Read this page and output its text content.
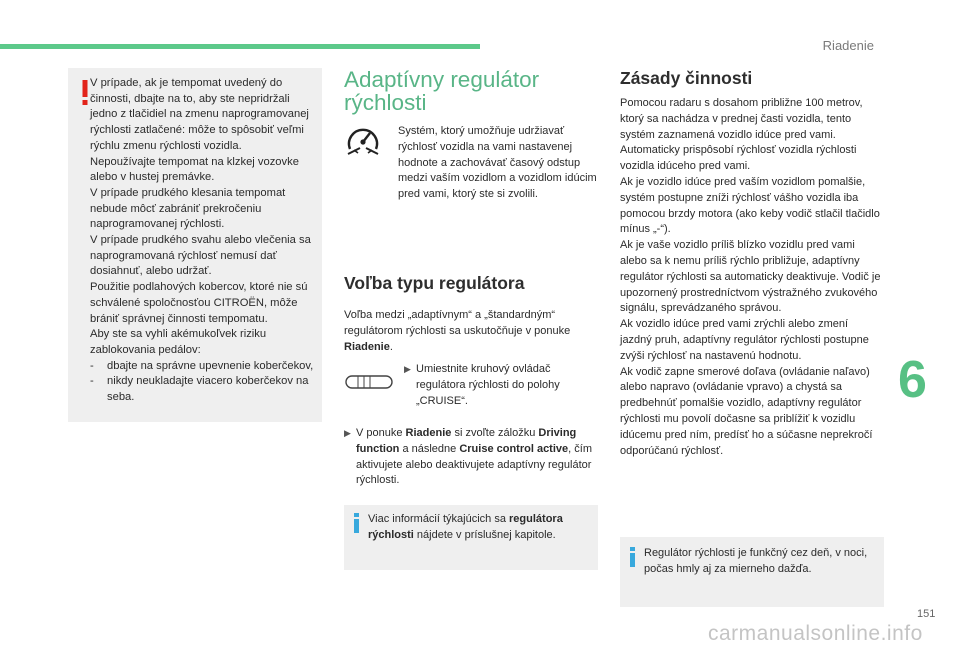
Riadenie
6
151
carmanualsonline.info

V prípade, ak je tempomat uvedený do činnosti, dbajte na to, aby ste nepridržali jedno z tlačidiel na zmenu naprogramovanej rýchlosti zatlačené: môže to spôsobiť veľmi rýchlu zmenu rýchlosti vozidla.

Nepoužívajte tempomat na klzkej vozovke alebo v hustej premávke.

V prípade prudkého klesania tempomat nebude môcť zabrániť prekročeniu naprogramovanej rýchlosti.

V prípade prudkého svahu alebo vlečenia sa naprogramovaná rýchlosť nemusí dať dosiahnuť, alebo udržať.

Použitie podlahových kobercov, ktoré nie sú schválené spoločnosťou CITROËN, môže brániť správnej činnosti tempomatu.

Aby ste sa vyhli akémukoľvek riziku zablokovania pedálov:

- dbajte na správne upevnenie koberčekov,

- nikdy neukladajte viacero koberčekov na seba.

Adaptívny regulátor
rýchlosti
Systém, ktorý umožňuje udržiavať rýchlosť vozidla na vami nastavenej hodnote a zachovávať časový odstup medzi vaším vozidlom a vozidlom idúcim pred vami, ktorý ste si zvolili.
Voľba typu regulátora
Voľba medzi „adaptívnym“ a „štandardným“ regulátorom rýchlosti sa uskutočňuje v ponuke Riadenie.
▶ Umiestnite kruhový ovládač regulátora rýchlosti do polohy „CRUISE“.
▶ V ponuke Riadenie si zvoľte záložku Driving function a následne Cruise control active, čím aktivujete alebo deaktivujete adaptívny regulátor rýchlosti.
Viac informácií týkajúcich sa regulátora rýchlosti nájdete v príslušnej kapitole.
Zásady činnosti
Pomocou radaru s dosahom približne 100 metrov, ktorý sa nachádza v prednej časti vozidla, tento systém zaznamená vozidlo idúce pred vami.
Automaticky prispôsobí rýchlosť vozidla rýchlosti vozidla idúceho pred vami.
Ak je vozidlo idúce pred vaším vozidlom pomalšie, systém postupne zníži rýchlosť vášho vozidla iba pomocou brzdy motora (ako keby vodič stlačil tlačidlo mínus „-“).
Ak je vaše vozidlo príliš blízko vozidlu pred vami alebo sa k nemu príliš rýchlo približuje, adaptívny regulátor rýchlosti sa automaticky deaktivuje. Vodič je upozornený prostredníctvom výstražného zvukového signálu, sprevádzaného správou.
Ak vozidlo idúce pred vami zrýchli alebo zmení jazdný pruh, adaptívny regulátor rýchlosti postupne zvýši rýchlosť na nastavenú hodnotu.
Ak vodič zapne smerové doľava (ovládanie naľavo) alebo napravo (ovládanie vpravo) a chystá sa predbehnúť pomalšie vozidlo, adaptívny regulátor rýchlosti mu povolí dočasne sa priblížiť k vozidlu idúcemu pred ním, predísť ho a súčasne neprekročí odporúčanú rýchlosť.
Regulátor rýchlosti je funkčný cez deň, v noci, počas hmly aj za mierneho dažďa.
